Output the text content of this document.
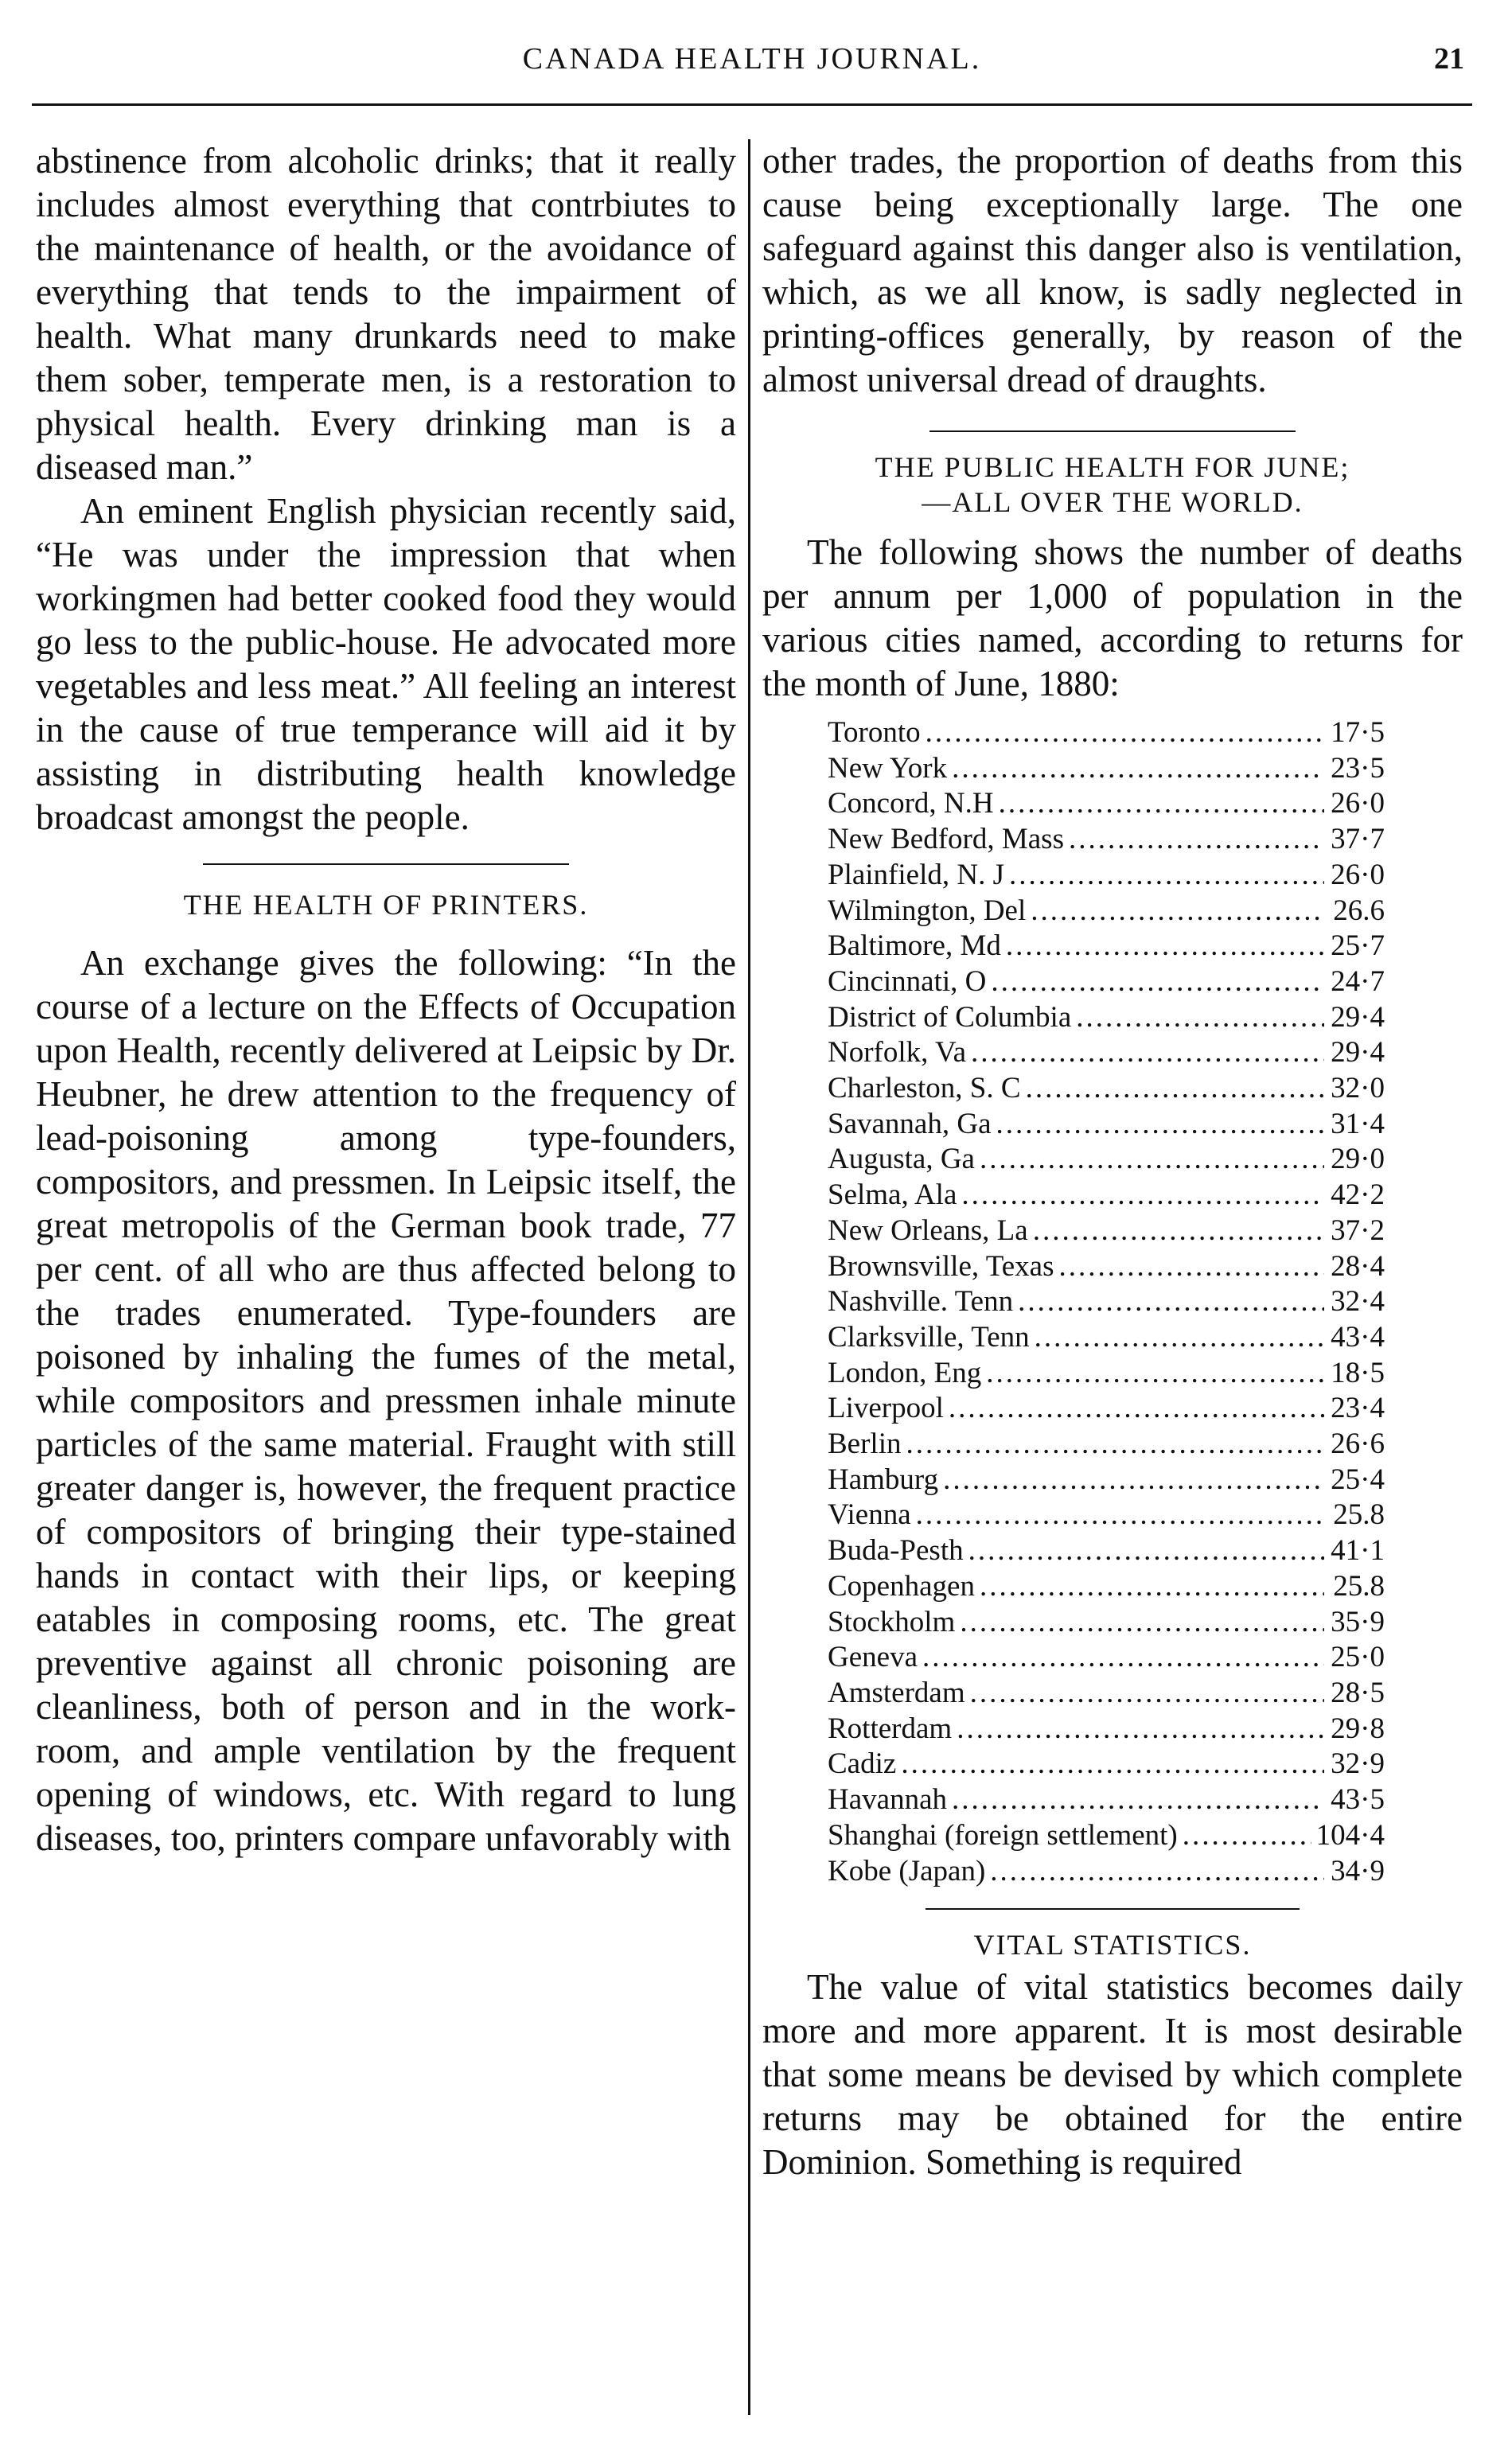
CANADA HEALTH JOURNAL.	21

abstinence from alcoholic drinks; that it really includes almost everything that contrbiutes to the maintenance of health, or the avoidance of everything that tends to the impairment of health. What many drunkards need to make them sober, temperate men, is a restoration to physical health. Every drinking man is a diseased man.”

An eminent English physician recently said, “He was under the impression that when workingmen had better cooked food they would go less to the public-house. He advocated more vegetables and less meat.” All feeling an interest in the cause of true temperance will aid it by assisting in distributing health knowledge broadcast amongst the people.

THE HEALTH OF PRINTERS.

An exchange gives the following: “In the course of a lecture on the Effects of Occupation upon Health, recently delivered at Leipsic by Dr. Heubner, he drew attention to the frequency of lead-poisoning among type-founders, compositors, and pressmen. In Leipsic itself, the great metropolis of the German book trade, 77 per cent. of all who are thus affected belong to the trades enumerated. Type-founders are poisoned by inhaling the fumes of the metal, while compositors and pressmen inhale minute particles of the same material. Fraught with still greater danger is, however, the frequent practice of compositors of bringing their type-stained hands in contact with their lips, or keeping eatables in composing rooms, etc. The great preventive against all chronic poisoning are cleanliness, both of person and in the work-room, and ample ventilation by the frequent opening of windows, etc. With regard to lung diseases, too, printers compare unfavorably with

other trades, the proportion of deaths from this cause being exceptionally large. The one safeguard against this danger also is ventilation, which, as we all know, is sadly neglected in printing-offices generally, by reason of the almost universal dread of draughts.

THE PUBLIC HEALTH FOR JUNE;
—ALL OVER THE WORLD.

The following shows the number of deaths per annum per 1,000 of population in the various cities named, according to returns for the month of June, 1880:

Toronto .....	17·5
New York .....	23·5
Concord, N.H .....	26·0
New Bedford, Mass .....	37·7
Plainfield, N. J .....	26·0
Wilmington, Del .....	26.6
Baltimore, Md .....	25·7
Cincinnati, O .....	24·7
District of Columbia .....	29·4
Norfolk, Va .....	29·4
Charleston, S. C .....	32·0
Savannah, Ga .....	31·4
Augusta, Ga .....	29·0
Selma, Ala .....	42·2
New Orleans, La .....	37·2
Brownsville, Texas .....	28·4
Nashville. Tenn .....	32·4
Clarksville, Tenn .....	43·4
London, Eng .....	18·5
Liverpool .....	23·4
Berlin .....	26·6
Hamburg .....	25·4
Vienna .....	25.8
Buda-Pesth .....	41·1
Copenhagen .....	25.8
Stockholm .....	35·9
Geneva .....	25·0
Amsterdam .....	28·5
Rotterdam .....	29·8
Cadiz .....	32·9
Havannah .....	43·5
Shanghai (foreign settlement) .....	104·4
Kobe (Japan) .....	34·9
VITAL STATISTICS.

The value of vital statistics becomes daily more and more apparent. It is most desirable that some means be devised by which complete returns may be obtained for the entire Dominion. Something is required
